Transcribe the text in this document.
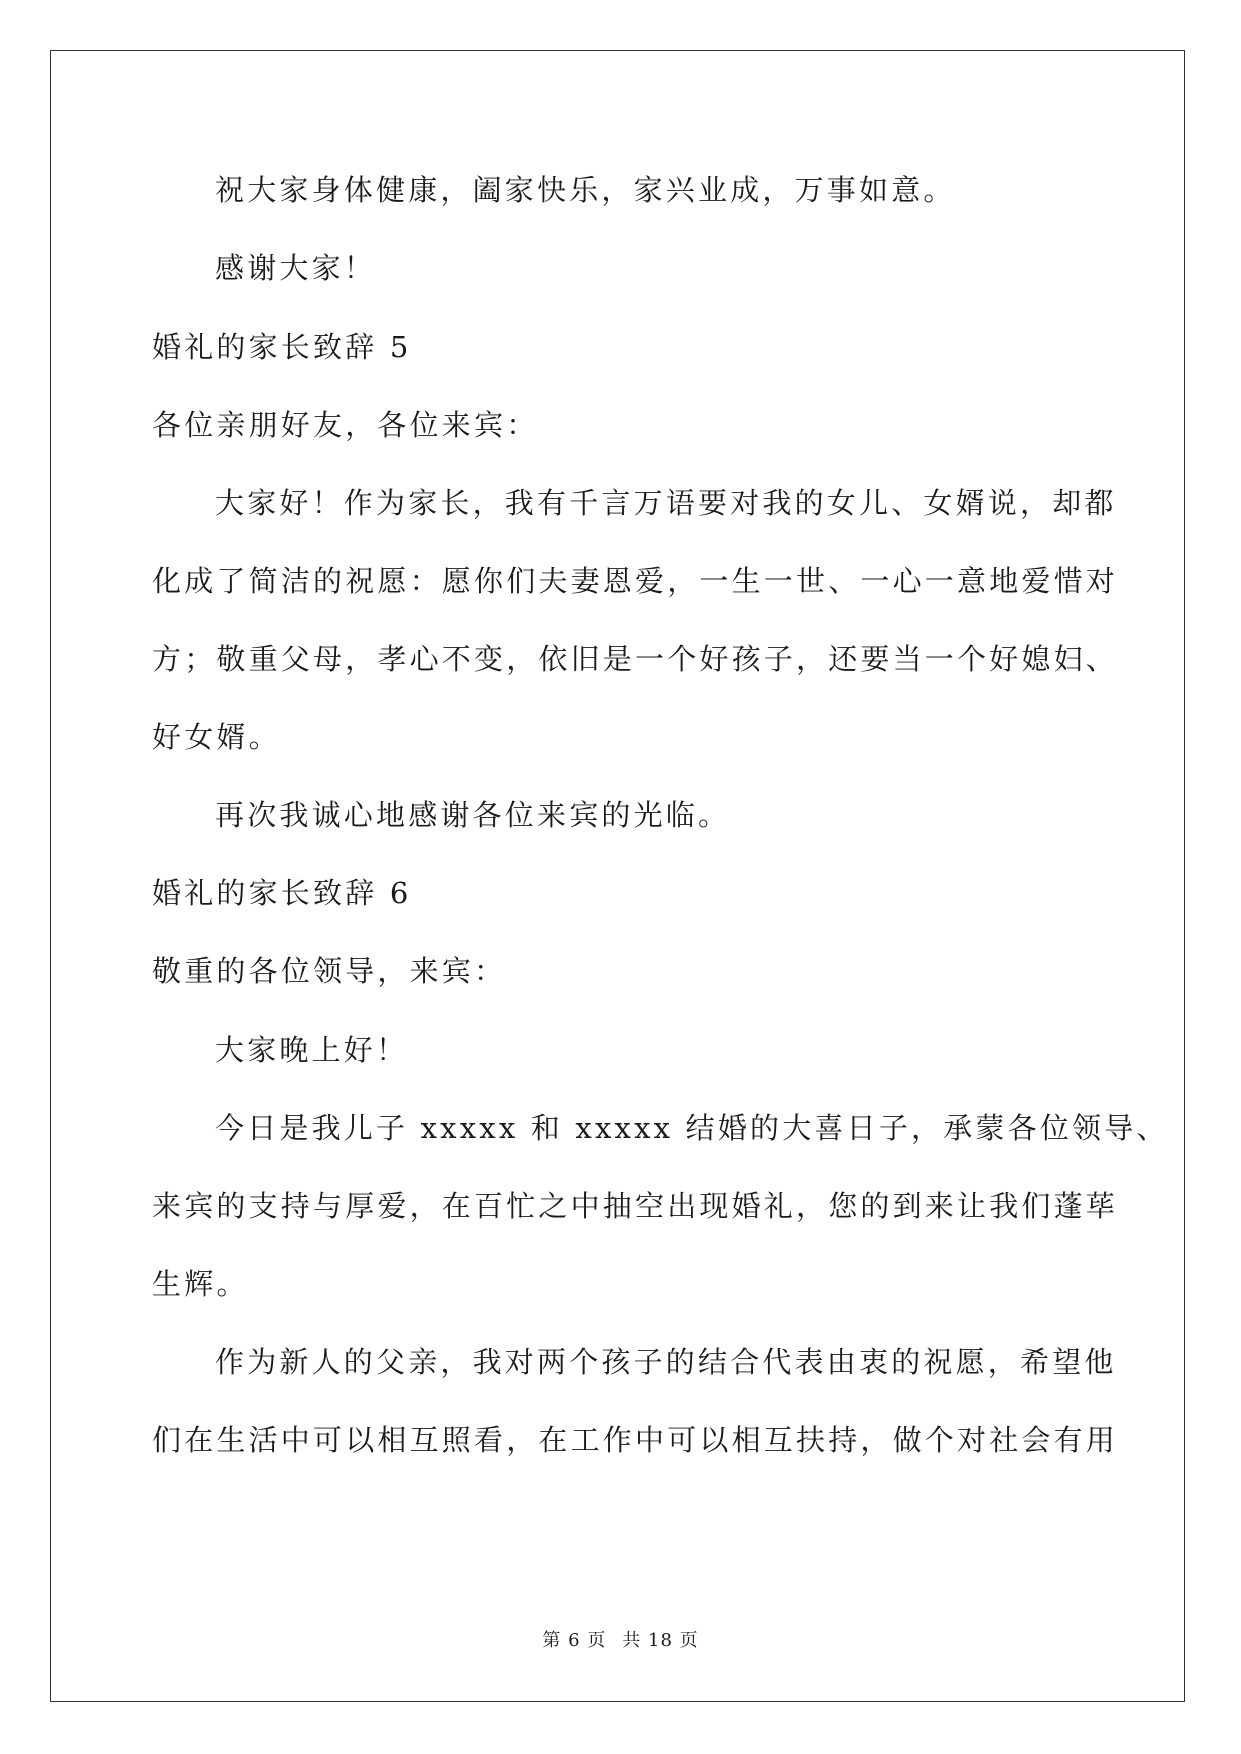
祝大家身体健康，阖家快乐，家兴业成，万事如意。
感谢大家！
婚礼的家长致辞 5
各位亲朋好友，各位来宾：
大家好！作为家长，我有千言万语要对我的女儿、女婿说，却都
化成了简洁的祝愿：愿你们夫妻恩爱，一生一世、一心一意地爱惜对
方；敬重父母，孝心不变，依旧是一个好孩子，还要当一个好媳妇、
好女婿。
再次我诚心地感谢各位来宾的光临。
婚礼的家长致辞 6
敬重的各位领导，来宾：
大家晚上好！
今日是我儿子 xxxxx 和 xxxxx 结婚的大喜日子，承蒙各位领导、
来宾的支持与厚爱，在百忙之中抽空出现婚礼，您的到来让我们蓬荜
生辉。
作为新人的父亲，我对两个孩子的结合代表由衷的祝愿，希望他
们在生活中可以相互照看，在工作中可以相互扶持，做个对社会有用
第 6 页 共 18 页
